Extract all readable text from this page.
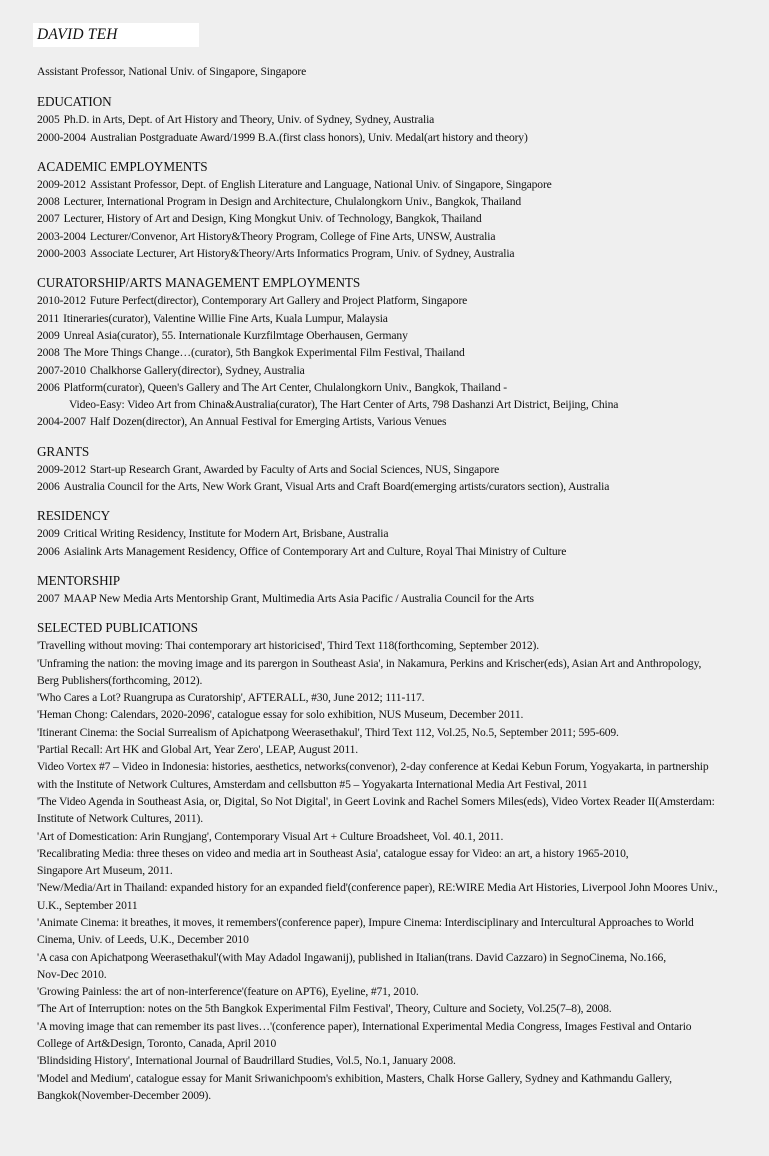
DAVID TEH
Assistant Professor, National Univ. of Singapore, Singapore
EDUCATION
2005 Ph.D. in Arts, Dept. of Art History and Theory, Univ. of Sydney, Sydney, Australia
2000-2004 Australian Postgraduate Award/1999 B.A.(first class honors), Univ. Medal(art history and theory)
ACADEMIC EMPLOYMENTS
2009-2012 Assistant Professor, Dept. of English Literature and Language, National Univ. of Singapore, Singapore
2008 Lecturer, International Program in Design and Architecture, Chulalongkorn Univ., Bangkok, Thailand
2007 Lecturer, History of Art and Design, King Mongkut Univ. of Technology, Bangkok, Thailand
2003-2004 Lecturer/Convenor, Art History&Theory Program, College of Fine Arts, UNSW, Australia
2000-2003 Associate Lecturer, Art History&Theory/Arts Informatics Program, Univ. of Sydney, Australia
CURATORSHIP/ARTS MANAGEMENT EMPLOYMENTS
2010-2012 Future Perfect(director), Contemporary Art Gallery and Project Platform, Singapore
2011 Itineraries(curator), Valentine Willie Fine Arts, Kuala Lumpur, Malaysia
2009 Unreal Asia(curator), 55. Internationale Kurzfilmtage Oberhausen, Germany
2008 The More Things Change…(curator), 5th Bangkok Experimental Film Festival, Thailand
2007-2010 Chalkhorse Gallery(director), Sydney, Australia
2006 Platform(curator), Queen's Gallery and The Art Center, Chulalongkorn Univ., Bangkok, Thailand -
Video-Easy: Video Art from China&Australia(curator), The Hart Center of Arts, 798 Dashanzi Art District, Beijing, China
2004-2007 Half Dozen(director), An Annual Festival for Emerging Artists, Various Venues
GRANTS
2009-2012 Start-up Research Grant, Awarded by Faculty of Arts and Social Sciences, NUS, Singapore
2006 Australia Council for the Arts, New Work Grant, Visual Arts and Craft Board(emerging artists/curators section), Australia
RESIDENCY
2009 Critical Writing Residency, Institute for Modern Art, Brisbane, Australia
2006 Asialink Arts Management Residency, Office of Contemporary Art and Culture, Royal Thai Ministry of Culture
MENTORSHIP
2007 MAAP New Media Arts Mentorship Grant, Multimedia Arts Asia Pacific / Australia Council for the Arts
SELECTED PUBLICATIONS
'Travelling without moving: Thai contemporary art historicised', Third Text 118(forthcoming, September 2012).
'Unframing the nation: the moving image and its parergon in Southeast Asia', in Nakamura, Perkins and Krischer(eds), Asian Art and Anthropology,
Berg Publishers(forthcoming, 2012).
'Who Cares a Lot? Ruangrupa as Curatorship', AFTERALL, #30, June 2012; 111-117.
'Heman Chong: Calendars, 2020-2096', catalogue essay for solo exhibition, NUS Museum, December 2011.
'Itinerant Cinema: the Social Surrealism of Apichatpong Weerasethakul', Third Text 112, Vol.25, No.5, September 2011; 595-609.
'Partial Recall: Art HK and Global Art, Year Zero', LEAP, August 2011.
Video Vortex #7 – Video in Indonesia: histories, aesthetics, networks(convenor), 2-day conference at Kedai Kebun Forum, Yogyakarta, in partnership
with the Institute of Network Cultures, Amsterdam and cellsbutton #5 – Yogyakarta International Media Art Festival, 2011
'The Video Agenda in Southeast Asia, or, Digital, So Not Digital', in Geert Lovink and Rachel Somers Miles(eds), Video Vortex Reader II(Amsterdam:
Institute of Network Cultures, 2011).
'Art of Domestication: Arin Rungjang', Contemporary Visual Art + Culture Broadsheet, Vol. 40.1, 2011.
'Recalibrating Media: three theses on video and media art in Southeast Asia', catalogue essay for Video: an art, a history 1965-2010,
Singapore Art Museum, 2011.
'New/Media/Art in Thailand: expanded history for an expanded field'(conference paper), RE:WIRE Media Art Histories, Liverpool John Moores Univ.,
U.K., September 2011
'Animate Cinema: it breathes, it moves, it remembers'(conference paper), Impure Cinema: Interdisciplinary and Intercultural Approaches to World
Cinema, Univ. of Leeds, U.K., December 2010
'A casa con Apichatpong Weerasethakul'(with May Adadol Ingawanij), published in Italian(trans. David Cazzaro) in SegnoCinema, No.166,
Nov-Dec 2010.
'Growing Painless: the art of non-interference'(feature on APT6), Eyeline, #71, 2010.
'The Art of Interruption: notes on the 5th Bangkok Experimental Film Festival', Theory, Culture and Society, Vol.25(7–8), 2008.
'A moving image that can remember its past lives…'(conference paper), International Experimental Media Congress, Images Festival and Ontario
College of Art&Design, Toronto, Canada, April 2010
'Blindsiding History', International Journal of Baudrillard Studies, Vol.5, No.1, January 2008.
'Model and Medium', catalogue essay for Manit Sriwanichpoom's exhibition, Masters, Chalk Horse Gallery, Sydney and Kathmandu Gallery,
Bangkok(November-December 2009).
